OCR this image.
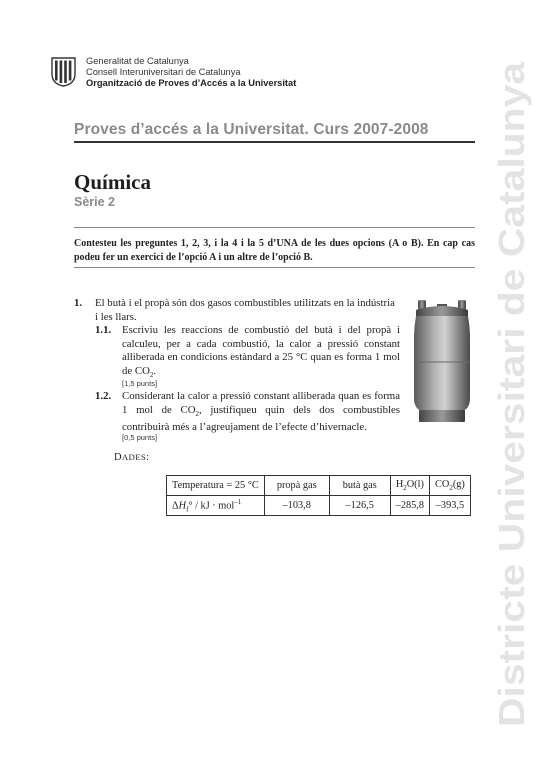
Generalitat de Catalunya
Consell Interuniversitari de Catalunya
Organització de Proves d’Accés a la Universitat
Proves d’accés a la Universitat. Curs 2007-2008
Química
Sèrie 2
Contesteu les preguntes 1, 2, 3, i la 4 i la 5 d’UNA de les dues opcions (A o B). En cap cas podeu fer un exercici de l’opció A i un altre de l’opció B.
1. El butà i el propà són dos gasos combustibles utilitzats en la indústria i les llars.
1.1. Escriviu les reaccions de combustió del butà i del propà i calculeu, per a cada combustió, la calor a pressió constant alliberada en condicions estàndard a 25 °C quan es forma 1 mol de $CO_2$.
[1,5 punts]
1.2. Considerant la calor a pressió constant alliberada quan es forma 1 mol de $CO_2$, justifiqueu quin dels dos combustibles contribuirà més a l’agreujament de l’efecte d’hivernacle.
[0,5 punts]
DADES:
Temperatura = 25 °C	propà gas	butà gas	$H_2O(l)$	$CO_2(g)$
$\Delta H_f^\circ$ / kJ · mol$^{-1}$	–103,8	–126,5	–285,8	–393,5 Districte Universitari de Catalunya
